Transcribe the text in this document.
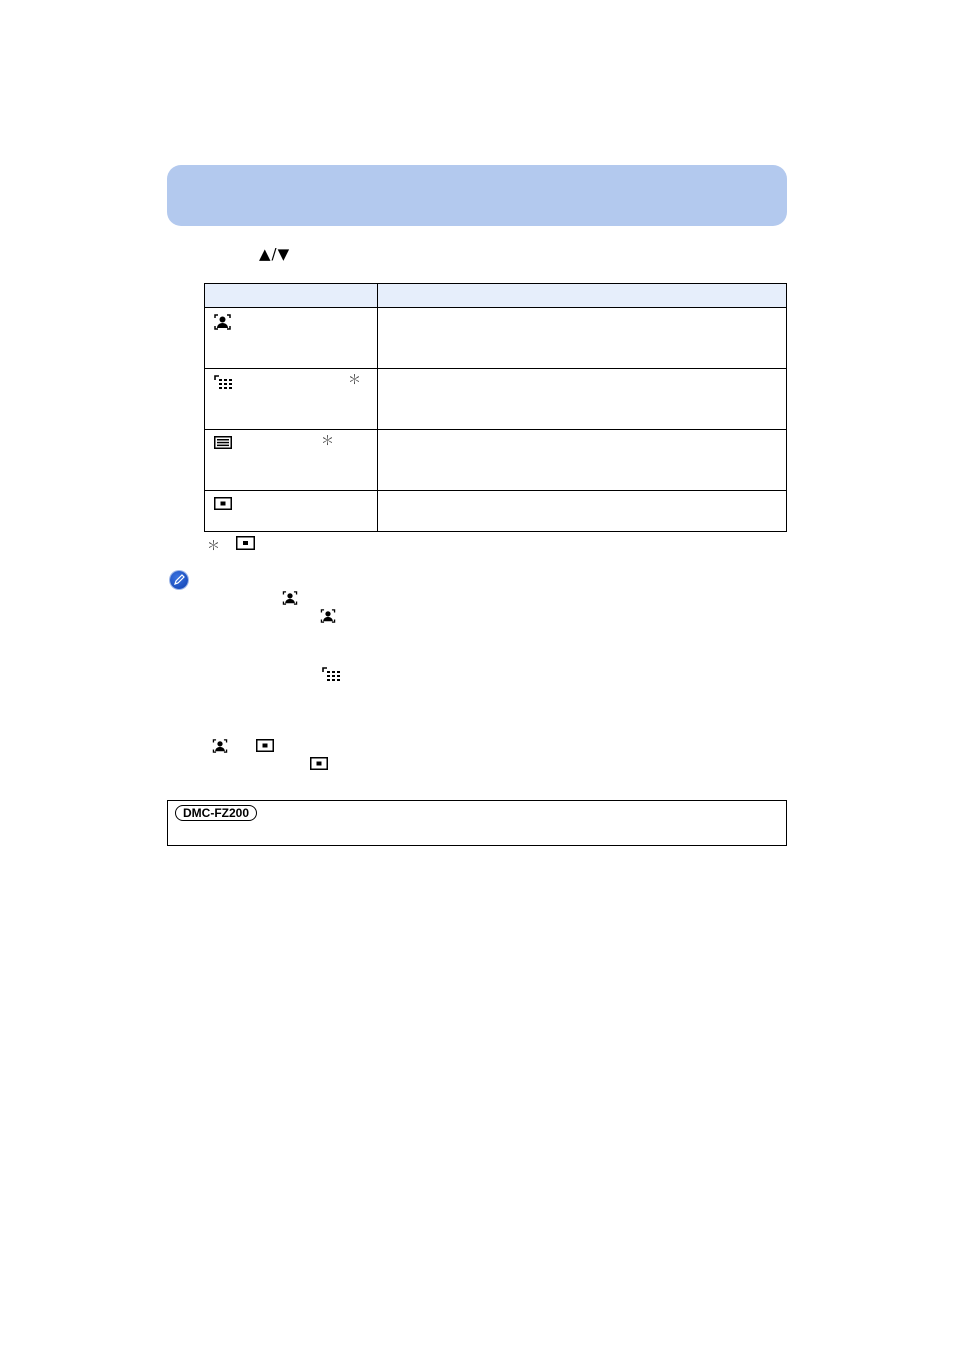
▲/▼

＊	

＊	

＊
DMC-FZ200
